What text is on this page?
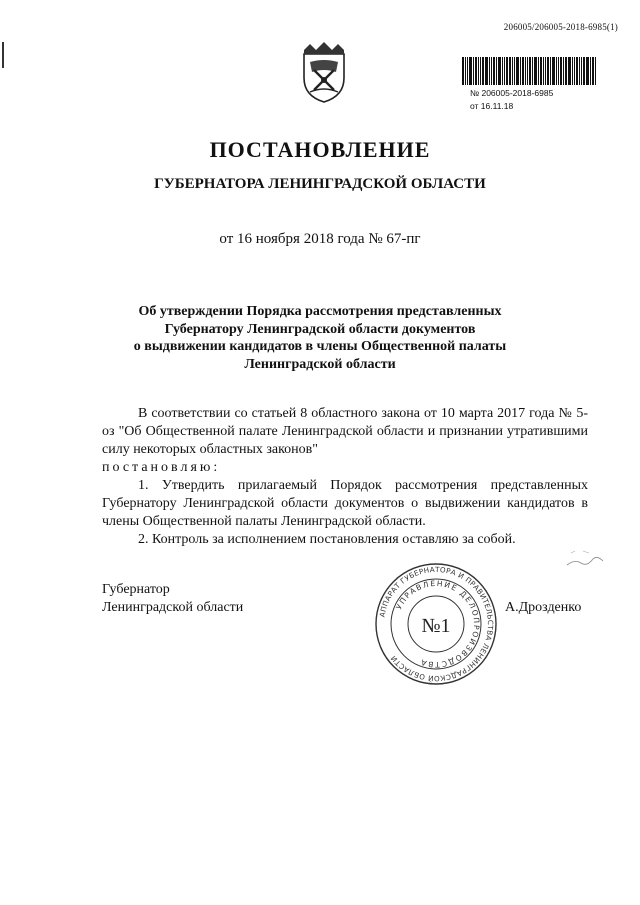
206005/206005-2018-6985(1)
№ 206005-2018-6985
от 16.11.18
ПОСТАНОВЛЕНИЕ
ГУБЕРНАТОРА ЛЕНИНГРАДСКОЙ ОБЛАСТИ
от 16 ноября 2018 года № 67-пг
Об утверждении Порядка рассмотрения представленных
Губернатору Ленинградской области документов
о выдвижении кандидатов в члены Общественной палаты
Ленинградской области

В соответствии со статьей 8 областного закона от 10 марта 2017 года № 5-оз "Об Общественной палате Ленинградской области и признании утратившими силу некоторых областных законов"

постановляю:

1. Утвердить прилагаемый Порядок рассмотрения представленных Губернатору Ленинградской области документов о выдвижении кандидатов в члены Общественной палаты Ленинградской области.

2. Контроль за исполнением постановления оставляю за собой.

Губернатор
Ленинградской области	А.Дрозденко
АППАРАТ ГУБЕРНАТОРА И ПРАВИТЕЛЬСТВА ЛЕНИНГРАДСКОЙ ОБЛАСТИ
УПРАВЛЕНИЕ ДЕЛОПРОИЗВОДСТВА
№1
